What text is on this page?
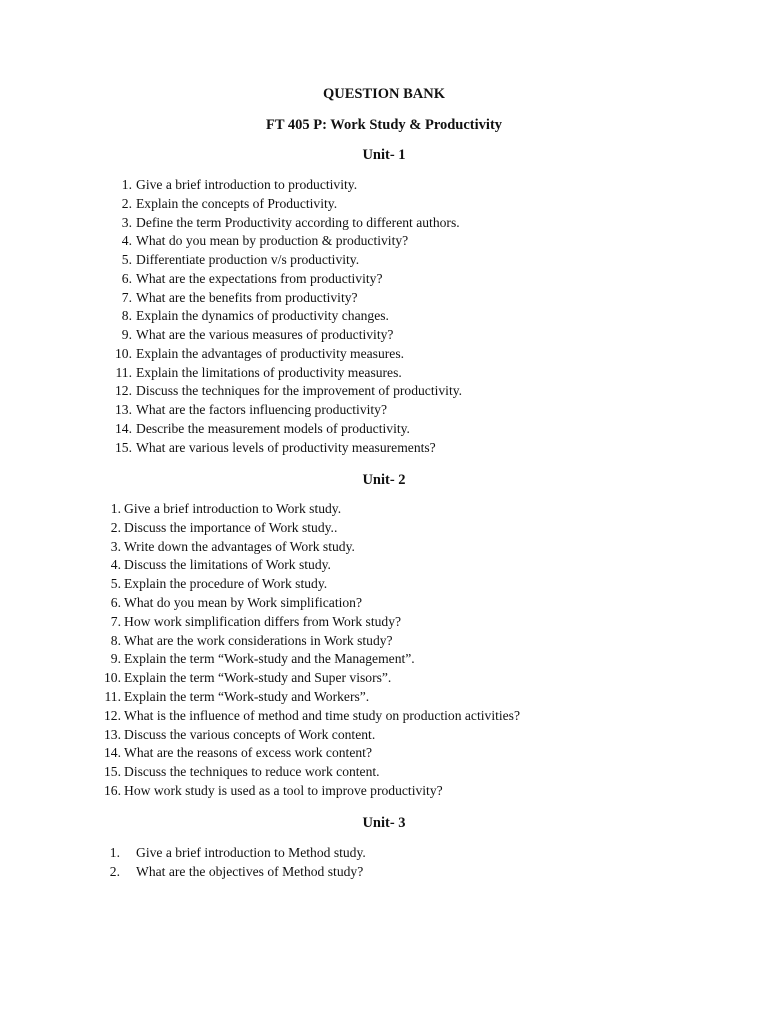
QUESTION BANK
FT 405 P: Work Study & Productivity
Unit- 1
1. Give a brief introduction to productivity.
2. Explain the concepts of Productivity.
3. Define the term Productivity according to different authors.
4. What do you mean by production & productivity?
5. Differentiate production v/s productivity.
6. What are the expectations from productivity?
7. What are the benefits from productivity?
8. Explain the dynamics of productivity changes.
9. What are the various measures of productivity?
10. Explain the advantages of productivity measures.
11. Explain the limitations of productivity measures.
12. Discuss the techniques for the improvement of productivity.
13. What are the factors influencing productivity?
14. Describe the measurement models of productivity.
15. What are various levels of productivity measurements?
Unit- 2
1. Give a brief introduction to Work study.
2. Discuss the importance of Work study..
3. Write down the advantages of Work study.
4. Discuss the limitations of Work study.
5. Explain the procedure of Work study.
6. What do you mean by Work simplification?
7. How work simplification differs from Work study?
8. What are the work considerations in Work study?
9. Explain the term “Work-study and the Management”.
10. Explain the term “Work-study and Super visors”.
11. Explain the term “Work-study and Workers”.
12. What is the influence of method and time study on production activities?
13. Discuss the various concepts of Work content.
14. What are the reasons of excess work content?
15. Discuss the techniques to reduce work content.
16. How work study is used as a tool to improve productivity?
Unit- 3
1. Give a brief introduction to Method study.
2. What are the objectives of Method study?
